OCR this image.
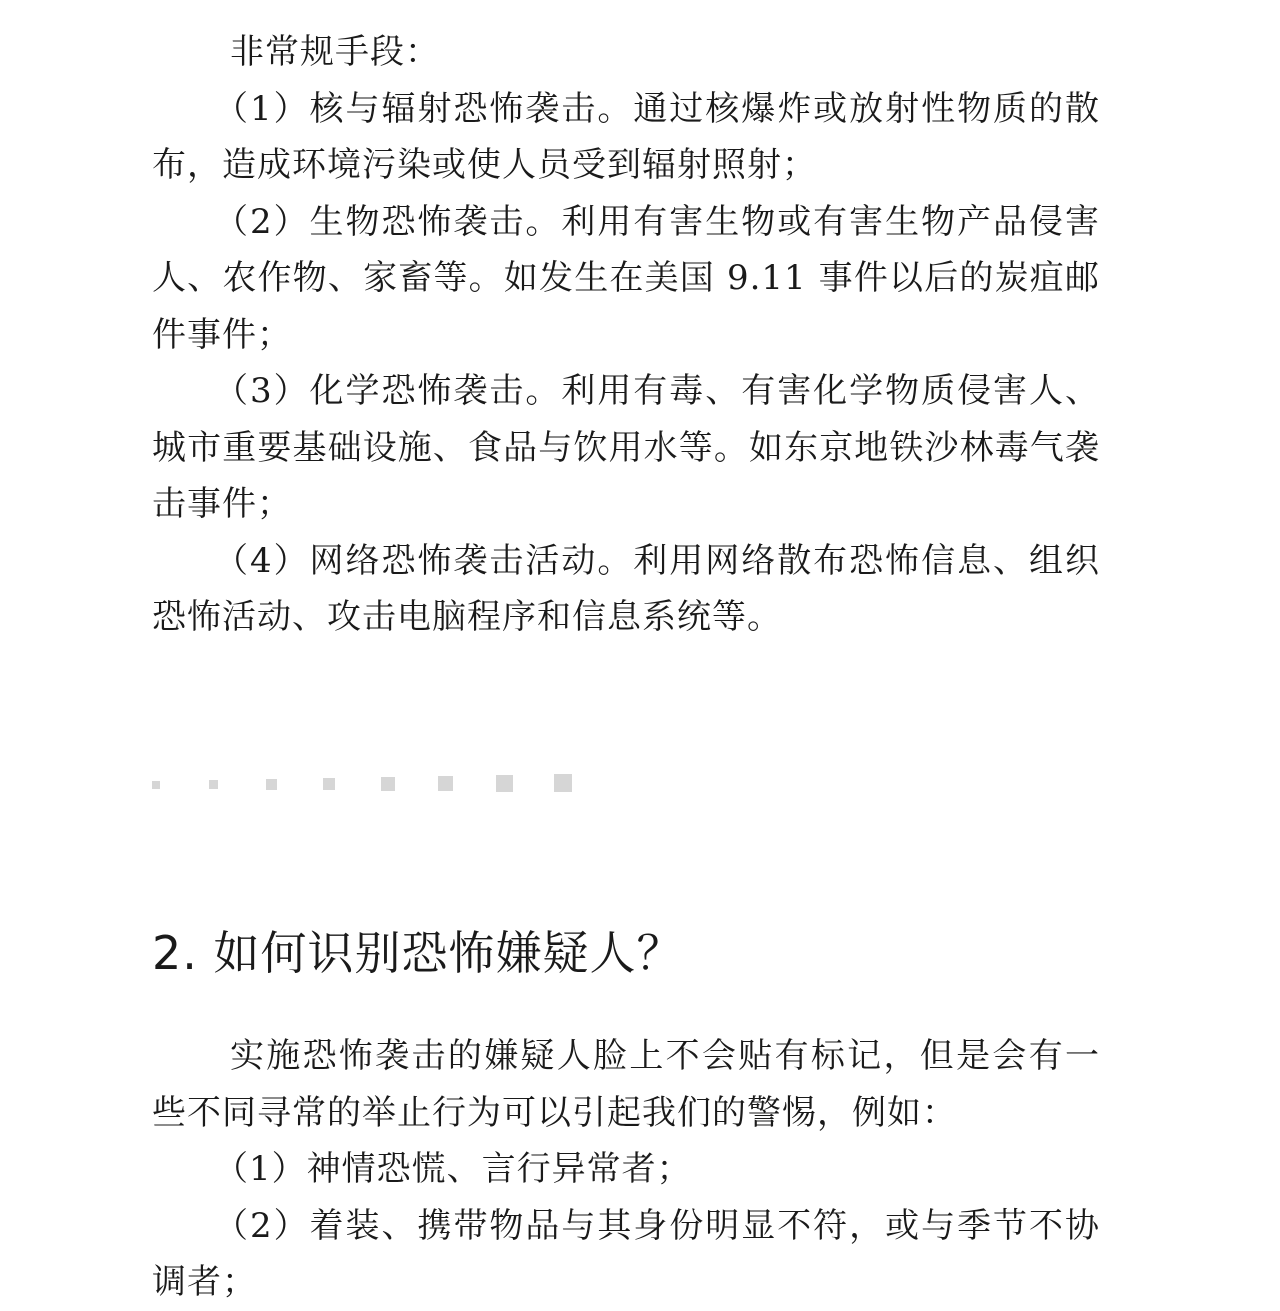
非常规手段：

（1）核与辐射恐怖袭击。通过核爆炸或放射性物质的散布，造成环境污染或使人员受到辐射照射；

（2）生物恐怖袭击。利用有害生物或有害生物产品侵害人、农作物、家畜等。如发生在美国 9.11 事件以后的炭疽邮件事件；

（3）化学恐怖袭击。利用有毒、有害化学物质侵害人、城市重要基础设施、食品与饮用水等。如东京地铁沙林毒气袭击事件；

（4）网络恐怖袭击活动。利用网络散布恐怖信息、组织恐怖活动、攻击电脑程序和信息系统等。

2. 如何识别恐怖嫌疑人？

实施恐怖袭击的嫌疑人脸上不会贴有标记，但是会有一些不同寻常的举止行为可以引起我们的警惕，例如：

（1）神情恐慌、言行异常者；

（2）着装、携带物品与其身份明显不符，或与季节不协调者；
